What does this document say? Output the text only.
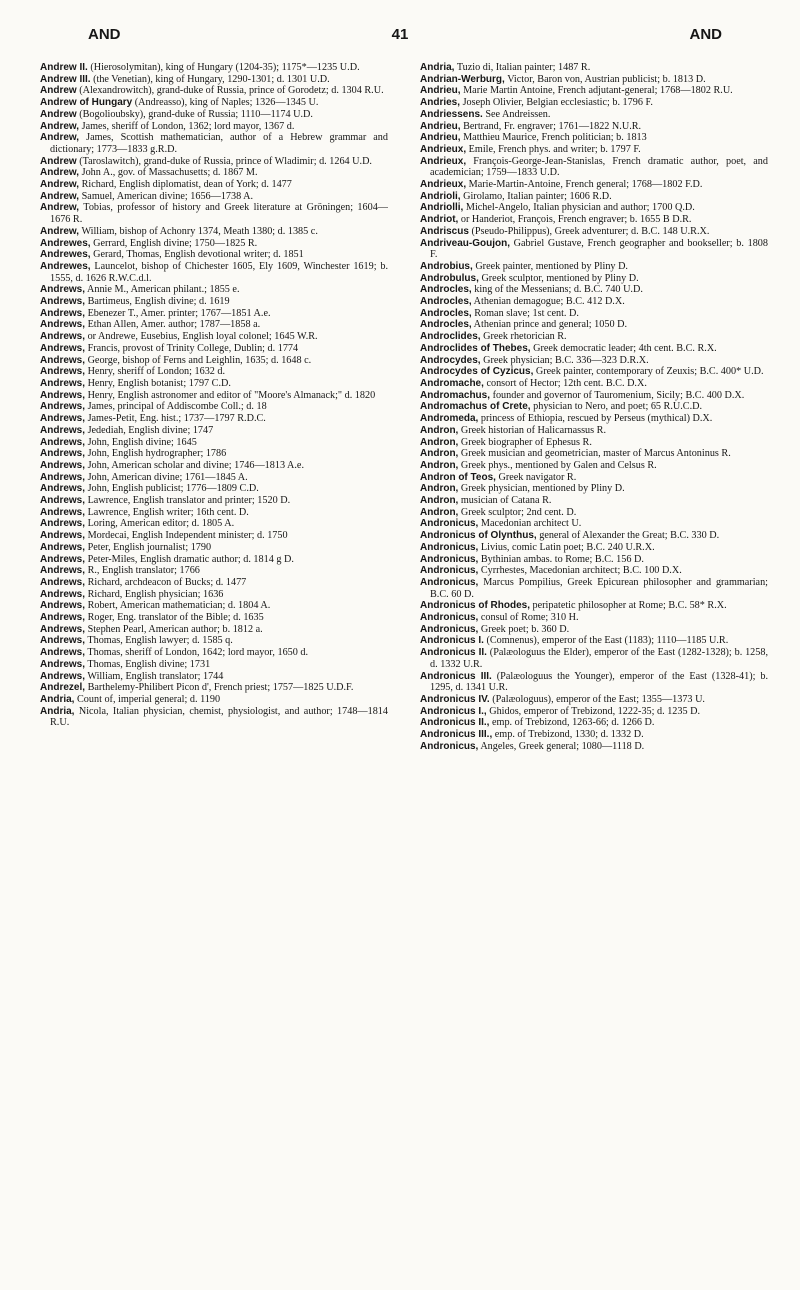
AND	41	AND
Andrew II. (Hierosolymitan), king of Hungary (1204-35); 1175*—1235 U.D.
Andrew III. (the Venetian), king of Hungary, 1290-1301; d. 1301 U.D.
Andrew (Alexandrowitch), grand-duke of Russia, prince of Gorodetz; d. 1304 R.U.
Andrew of Hungary (Andreasso), king of Naples; 1326—1345 U.
Andrew (Bogolioubsky), grand-duke of Russia; 1110—1174 U.D.
Andrew, James, sheriff of London, 1362; lord mayor, 1367 d.
Andrew, James, Scottish mathematician, author of a Hebrew grammar and dictionary; 1773—1833 g.R.D.
Andrew (Taroslawitch), grand-duke of Russia, prince of Wladimir; d. 1264 U.D.
Andrew, John A., gov. of Massachusetts; d. 1867 M.
Andrew, Richard, English diplomatist, dean of York; d. 1477
Andrew, Samuel, American divine; 1656—1738 A.
Andrew, Tobias, professor of history and Greek literature at Gröningen; 1604—1676 R.
Andrew, William, bishop of Achonry 1374, Meath 1380; d. 1385 c.
Andrewes, Gerrard, English divine; 1750—1825 R.
Andrewes, Gerard, Thomas, English devotional writer; d. 1851
Andrewes, Launcelot, bishop of Chichester 1605, Ely 1609, Winchester 1619; b. 1555, d. 1626 R.W.C.d.l.
Andrews, Annie M., American philant.; 1855 e.
Andrews, Bartimeus, English divine; d. 1619
Andrews, Ebenezer T., Amer. printer; 1767—1851 A.e.
Andrews, Ethan Allen, Amer. author; 1787—1858 a.
Andrews, or Andrewe, Eusebius, English loyal colonel; 1645 W.R.
Andrews, Francis, provost of Trinity College, Dublin; d. 1774
Andrews, George, bishop of Ferns and Leighlin, 1635; d. 1648 c.
Andrews, Henry, sheriff of London; 1632 d.
Andrews, Henry, English botanist; 1797 C.D.
Andrews, Henry, English astronomer and editor of "Moore's Almanack;" d. 1820
Andrews, James, principal of Addiscombe Coll.; d. 18
Andrews, James-Petit, Eng. hist.; 1737—1797 R.D.C.
Andrews, Jedediah, English divine; 1747
Andrews, John, English divine; 1645
Andrews, John, English hydrographer; 1786
Andrews, John, American scholar and divine; 1746—1813 A.e.
Andrews, John, American divine; 1761—1845 A.
Andrews, John, English publicist; 1776—1809 C.D.
Andrews, Lawrence, English translator and printer; 1520 D.
Andrews, Lawrence, English writer; 16th cent. D.
Andrews, Loring, American editor; d. 1805 A.
Andrews, Mordecai, English Independent minister; d. 1750
Andrews, Peter, English journalist; 1790
Andrews, Peter-Miles, English dramatic author; d. 1814 g D.
Andrews, R., English translator; 1766
Andrews, Richard, archdeacon of Bucks; d. 1477
Andrews, Richard, English physician; 1636
Andrews, Robert, American mathematician; d. 1804 A.
Andrews, Roger, Eng. translator of the Bible; d. 1635
Andrews, Stephen Pearl, American author; b. 1812 a.
Andrews, Thomas, English lawyer; d. 1585 q.
Andrews, Thomas, sheriff of London, 1642; lord mayor, 1650 d.
Andrews, Thomas, English divine; 1731
Andrews, William, English translator; 1744
Andrezel, Barthelemy-Philibert Picon d', French priest; 1757—1825 U.D.F.
Andria, Count of, imperial general; d. 1190
Andria, Nicola, Italian physician, chemist, physiologist, and author; 1748—1814 R.U.
Andria, Tuzio di, Italian painter; 1487 R.
Andrian-Werburg, Victor, Baron von, Austrian publicist; b. 1813 D.
Andrieu, Marie Martin Antoine, French adjutant-general; 1768—1802 R.U.
Andries, Joseph Olivier, Belgian ecclesiastic; b. 1796 F.
Andriessens. See Andreissen.
Andrieu, Bertrand, Fr. engraver; 1761—1822 N.U.R.
Andrieu, Matthieu Maurice, French politician; b. 1813
Andrieux, Emile, French phys. and writer; b. 1797 F.
Andrieux, François-George-Jean-Stanislas, French dramatic author, poet, and academician; 1759—1833 U.D.
Andrieux, Marie-Martin-Antoine, French general; 1768—1802 F.D.
Andrioli, Girolamo, Italian painter; 1606 R.D.
Andriolli, Michel-Angelo, Italian physician and author; 1700 Q.D.
Andriot, or Handeriot, François, French engraver; b. 1655 B D.R.
Andriscus (Pseudo-Philippus), Greek adventurer; d. B.C. 148 U.R.X.
Andriveau-Goujon, Gabriel Gustave, French geographer and bookseller; b. 1808 F.
Androbius, Greek painter, mentioned by Pliny D.
Androbulus, Greek sculptor, mentioned by Pliny D.
Androcles, king of the Messenians; d. B.C. 740 U.D.
Androcles, Athenian demagogue; B.C. 412 D.X.
Androcles, Roman slave; 1st cent. D.
Androcles, Athenian prince and general; 1050 D.
Androclides, Greek rhetorician R.
Androclides of Thebes, Greek democratic leader; 4th cent. B.C. R.X.
Androcydes, Greek physician; B.C. 336—323 D.R.X.
Androcydes of Cyzicus, Greek painter, contemporary of Zeuxis; B.C. 400* U.D.
Andromache, consort of Hector; 12th cent. B.C. D.X.
Andromachus, founder and governor of Tauromenium, Sicily; B.C. 400 D.X.
Andromachus of Crete, physician to Nero, and poet; 65 R.U.C.D.
Andromeda, princess of Ethiopia, rescued by Perseus (mythical) D.X.
Andron, Greek historian of Halicarnassus R.
Andron, Greek biographer of Ephesus R.
Andron, Greek musician and geometrician, master of Marcus Antoninus R.
Andron, Greek phys., mentioned by Galen and Celsus R.
Andron of Teos, Greek navigator R.
Andron, Greek physician, mentioned by Pliny D.
Andron, musician of Catana R.
Andron, Greek sculptor; 2nd cent. D.
Andronicus, Macedonian architect U.
Andronicus of Olynthus, general of Alexander the Great; B.C. 330 D.
Andronicus, Livius, comic Latin poet; B.C. 240 U.R.X.
Andronicus, Bythinian ambas. to Rome; B.C. 156 D.
Andronicus, Cyrrhestes, Macedonian architect; B.C. 100 D.X.
Andronicus, Marcus Pompilius, Greek Epicurean philosopher and grammarian; B.C. 60 D.
Andronicus of Rhodes, peripatetic philosopher at Rome; B.C. 58* R.X.
Andronicus, consul of Rome; 310 H.
Andronicus, Greek poet; b. 360 D.
Andronicus I. (Comnenus), emperor of the East (1183); 1110—1185 U.R.
Andronicus II. (Palæologuus the Elder), emperor of the East (1282-1328); b. 1258, d. 1332 U.R.
Andronicus III. (Palæologuus the Younger), emperor of the East (1328-41); b. 1295, d. 1341 U.R.
Andronicus IV. (Palæologuus), emperor of the East; 1355—1373 U.
Andronicus I., Ghidos, emperor of Trebizond, 1222-35; d. 1235 D.
Andronicus II., emp. of Trebizond, 1263-66; d. 1266 D.
Andronicus III., emp. of Trebizond, 1330; d. 1332 D.
Andronicus, Angeles, Greek general; 1080—1118 D.
